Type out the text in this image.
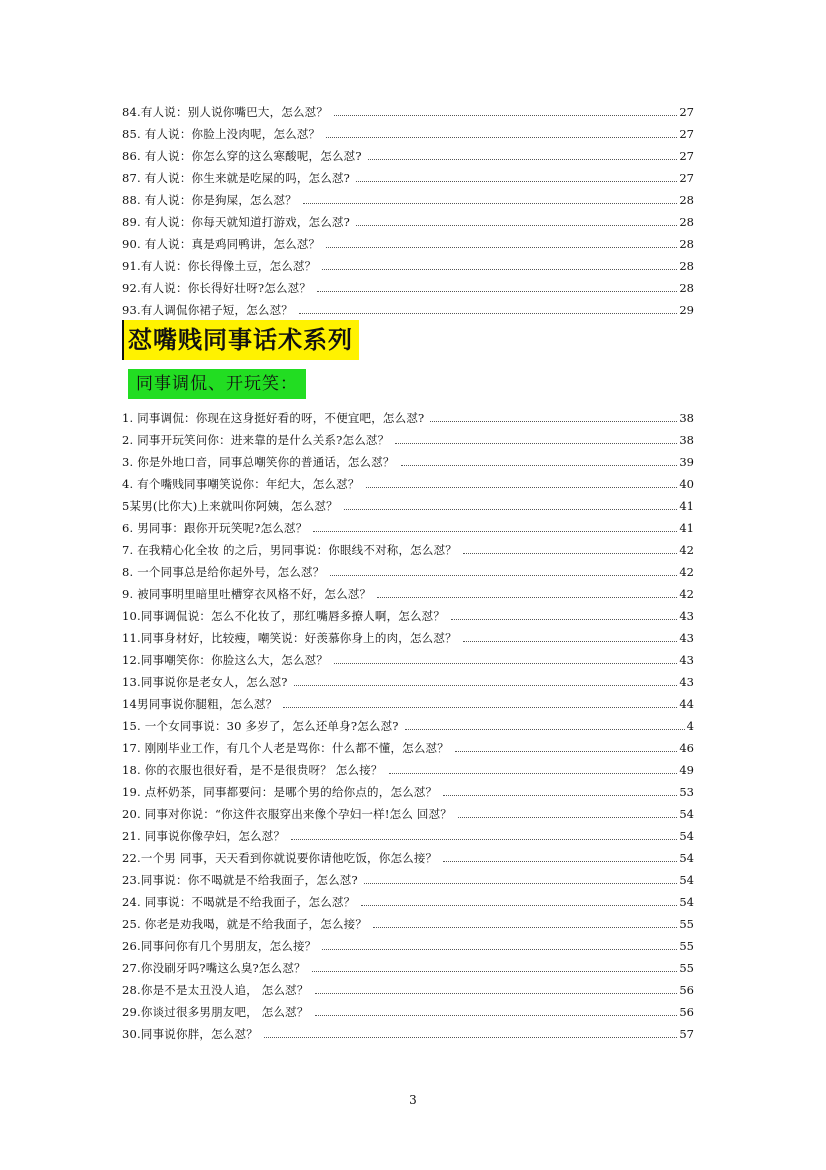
84.有人说：别人说你嘴巴大，怎么怼？	27
85. 有人说：你脸上没肉呢，怎么怼？	27
86. 有人说：你怎么穿的这么寒酸呢，怎么怼?	27
87. 有人说：你生来就是吃屎的吗，怎么怼?	27
88. 有人说：你是狗屎，怎么怼？	28
89. 有人说：你每天就知道打游戏，怎么怼?	28
90. 有人说：真是鸡同鸭讲，怎么怼？	28
91.有人说：你长得像土豆，怎么怼？	28
92.有人说：你长得好壮呀?怎么怼？	28
93.有人调侃你裙子短，怎么怼？	29
怼嘴贱同事话术系列
同事调侃、开玩笑：
1. 同事调侃：你现在这身挺好看的呀，不便宜吧，怎么怼?	38
2. 同事开玩笑问你：进来靠的是什么关系?怎么怼？	38
3. 你是外地口音，同事总嘲笑你的普通话，怎么怼？	39
4. 有个嘴贱同事嘲笑说你：年纪大，怎么怼？	40
5某男(比你大)上来就叫你阿姨，怎么怼？	41
6. 男同事：跟你开玩笑呢?怎么怼？	41
7. 在我精心化全妆 的之后，男同事说：你眼线不对称，怎么怼？	42
8. 一个同事总是给你起外号，怎么怼？	42
9. 被同事明里暗里吐槽穿衣风格不好，怎么怼？	42
10.同事调侃说：怎么不化妆了，那红嘴唇多撩人啊，怎么怼？	43
11.同事身材好，比较瘦，嘲笑说：好羡慕你身上的肉，怎么怼？	43
12.同事嘲笑你：你脸这么大，怎么怼？	43
13.同事说你是老女人，怎么怼?	43
14男同事说你腿粗，怎么怼？	44
15. 一个女同事说：30 多岁了，怎么还单身?怎么怼?	4
17. 刚刚毕业工作，有几个人老是骂你：什么都不懂，怎么怼？	46
18. 你的衣服也很好看，是不是很贵呀？ 怎么接？	49
19. 点杯奶茶，同事都要问：是哪个男的给你点的，怎么怼？	53
20. 同事对你说：“你这件衣服穿出来像个孕妇一样!怎么 回怼？	54
21. 同事说你像孕妇，怎么怼？	54
22.一个男 同事，天天看到你就说要你请他吃饭，你怎么接？	54
23.同事说：你不喝就是不给我面子，怎么怼?	54
24. 同事说：不喝就是不给我面子，怎么怼？	54
25. 你老是劝我喝，就是不给我面子，怎么接？	55
26.同事问你有几个男朋友，怎么接？	55
27.你没刷牙吗?嘴这么臭?怎么怼？	55
28.你是不是太丑没人追， 怎么怼？	56
29.你谈过很多男朋友吧， 怎么怼？	56
30.同事说你胖，怎么怼？	57
3
